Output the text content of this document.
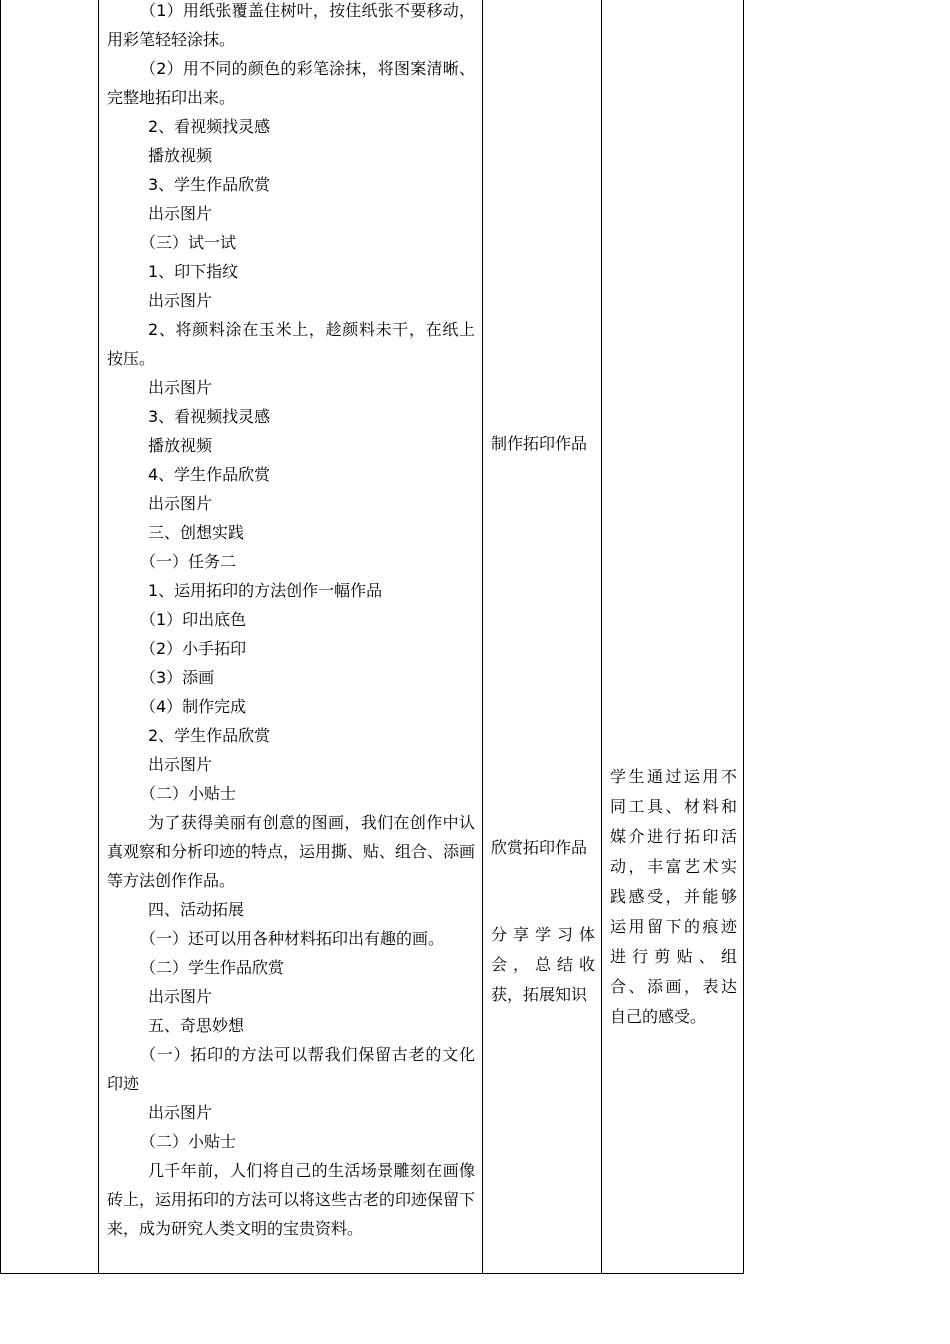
（1）用纸张覆盖住树叶，按住纸张不要移动，用彩笔轻轻涂抹。

（2）用不同的颜色的彩笔涂抹，将图案清晰、完整地拓印出来。

2、看视频找灵感

播放视频

3、学生作品欣赏

出示图片

（三）试一试

1、印下指纹

出示图片

2、将颜料涂在玉米上，趁颜料未干，在纸上按压。

出示图片

3、看视频找灵感

播放视频

4、学生作品欣赏

出示图片

三、创想实践

（一）任务二

1、运用拓印的方法创作一幅作品

（1）印出底色

（2）小手拓印

（3）添画

（4）制作完成

2、学生作品欣赏

出示图片

（二）小贴士

为了获得美丽有创意的图画，我们在创作中认真观察和分析印迹的特点，运用撕、贴、组合、添画等方法创作作品。

四、活动拓展

（一）还可以用各种材料拓印出有趣的画。

（二）学生作品欣赏

出示图片

五、奇思妙想

（一）拓印的方法可以帮我们保留古老的文化印迹

出示图片

（二）小贴士

几千年前，人们将自己的生活场景雕刻在画像砖上，运用拓印的方法可以将这些古老的印迹保留下来，成为研究人类文明的宝贵资料。

制作拓印作品

欣赏拓印作品

分享学习体
会，总结收
获，拓展知识

学生通过运用不
同工具、材料和
媒介进行拓印活
动，丰富艺术实
践感受，并能够
运用留下的痕迹
进行剪贴、组
合、添画，表达
自己的感受。
